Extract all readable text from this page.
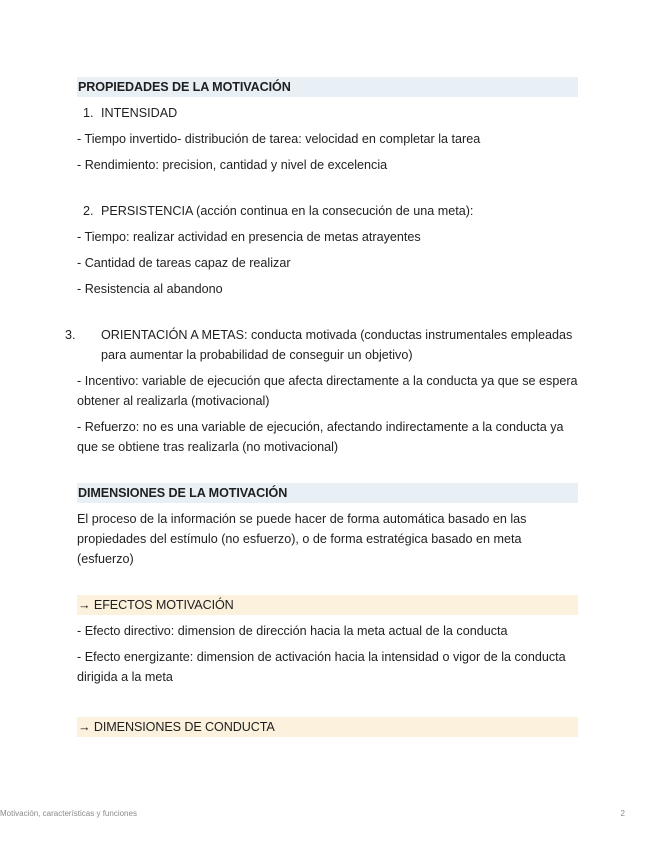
PROPIEDADES DE LA MOTIVACIÓN

1. INTENSIDAD

- Tiempo invertido- distribución de tarea: velocidad en completar la tarea

- Rendimiento: precision, cantidad y nivel de excelencia

2. PERSISTENCIA (acción continua en la consecución de una meta):

- Tiempo: realizar actividad en presencia de metas atrayentes

- Cantidad de tareas capaz de realizar

- Resistencia al abandono

3. ORIENTACIÓN A METAS: conducta motivada (conductas instrumentales empleadas para aumentar la probabilidad de conseguir un objetivo)

- Incentivo: variable de ejecución que afecta directamente a la conducta ya que se espera obtener al realizarla (motivacional)

- Refuerzo: no es una variable de ejecución, afectando indirectamente a la conducta ya que se obtiene tras realizarla (no motivacional)

DIMENSIONES DE LA MOTIVACIÓN

El proceso de la información se puede hacer de forma automática basado en las propiedades del estímulo (no esfuerzo), o de forma estratégica basado en meta (esfuerzo)

→ EFECTOS MOTIVACIÓN

- Efecto directivo: dimension de dirección hacia la meta actual de la conducta

- Efecto energizante: dimension de activación hacia la intensidad o vigor de la conducta dirigida a la meta

→ DIMENSIONES DE CONDUCTA
Motivación, características y funciones	2
